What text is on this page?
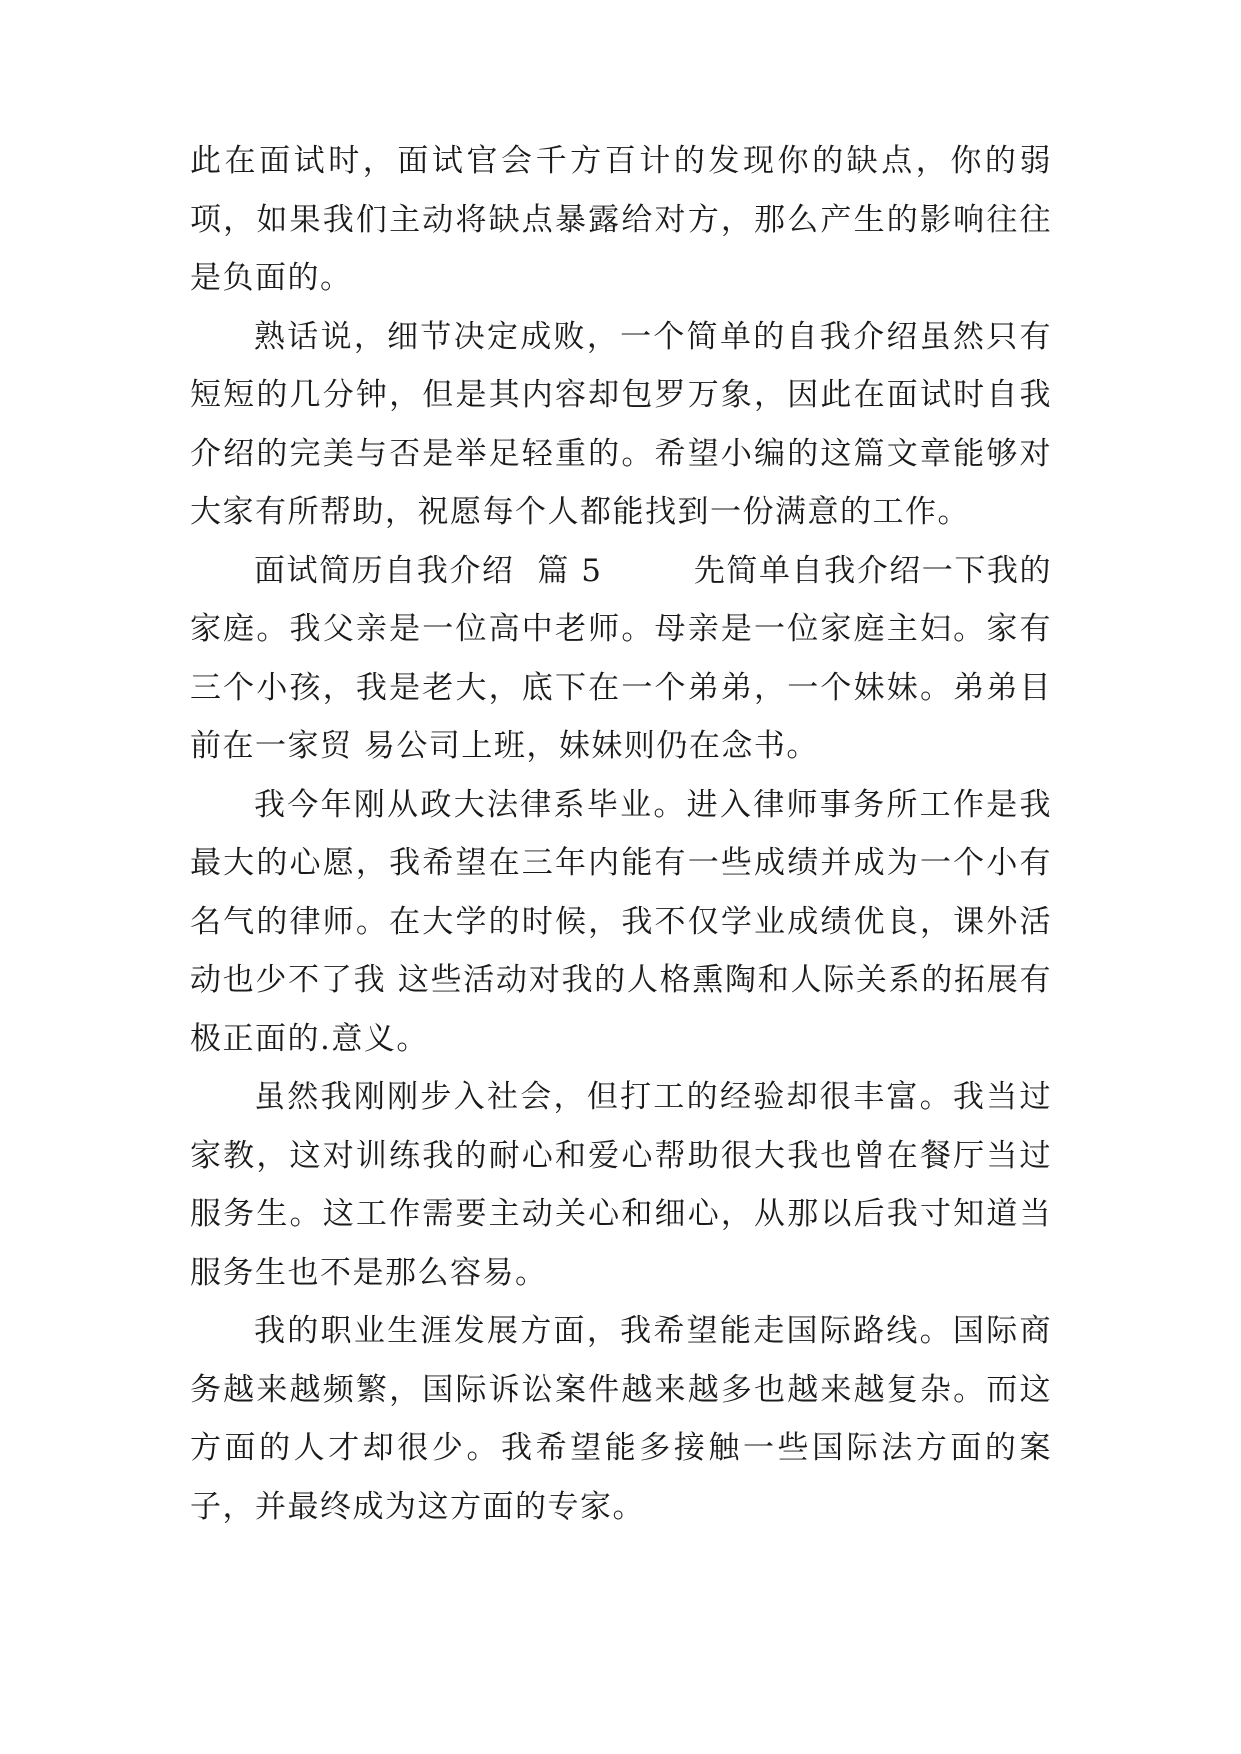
此在面试时，面试官会千方百计的发现你的缺点，你的弱项，如果我们主动将缺点暴露给对方，那么产生的影响往往是负面的。

熟话说，细节决定成败，一个简单的自我介绍虽然只有短短的几分钟，但是其内容却包罗万象，因此在面试时自我介绍的完美与否是举足轻重的。希望小编的这篇文章能够对大家有所帮助，祝愿每个人都能找到一份满意的工作。

面试简历自我介绍  篇 5        先简单自我介绍一下我的家庭。我父亲是一位高中老师。母亲是一位家庭主妇。家有三个小孩，我是老大，底下在一个弟弟，一个妹妹。弟弟目前在一家贸 易公司上班，妹妹则仍在念书。

我今年刚从政大法律系毕业。进入律师事务所工作是我最大的心愿，我希望在三年内能有一些成绩并成为一个小有名气的律师。在大学的时候，我不仅学业成绩优良，课外活动也少不了我 这些活动对我的人格熏陶和人际关系的拓展有极正面的.意义。

虽然我刚刚步入社会，但打工的经验却很丰富。我当过家教，这对训练我的耐心和爱心帮助很大我也曾在餐厅当过服务生。这工作需要主动关心和细心，从那以后我寸知道当服务生也不是那么容易。

我的职业生涯发展方面，我希望能走国际路线。国际商务越来越频繁，国际诉讼案件越来越多也越来越复杂。而这方面的人才却很少。我希望能多接触一些国际法方面的案子，并最终成为这方面的专家。
